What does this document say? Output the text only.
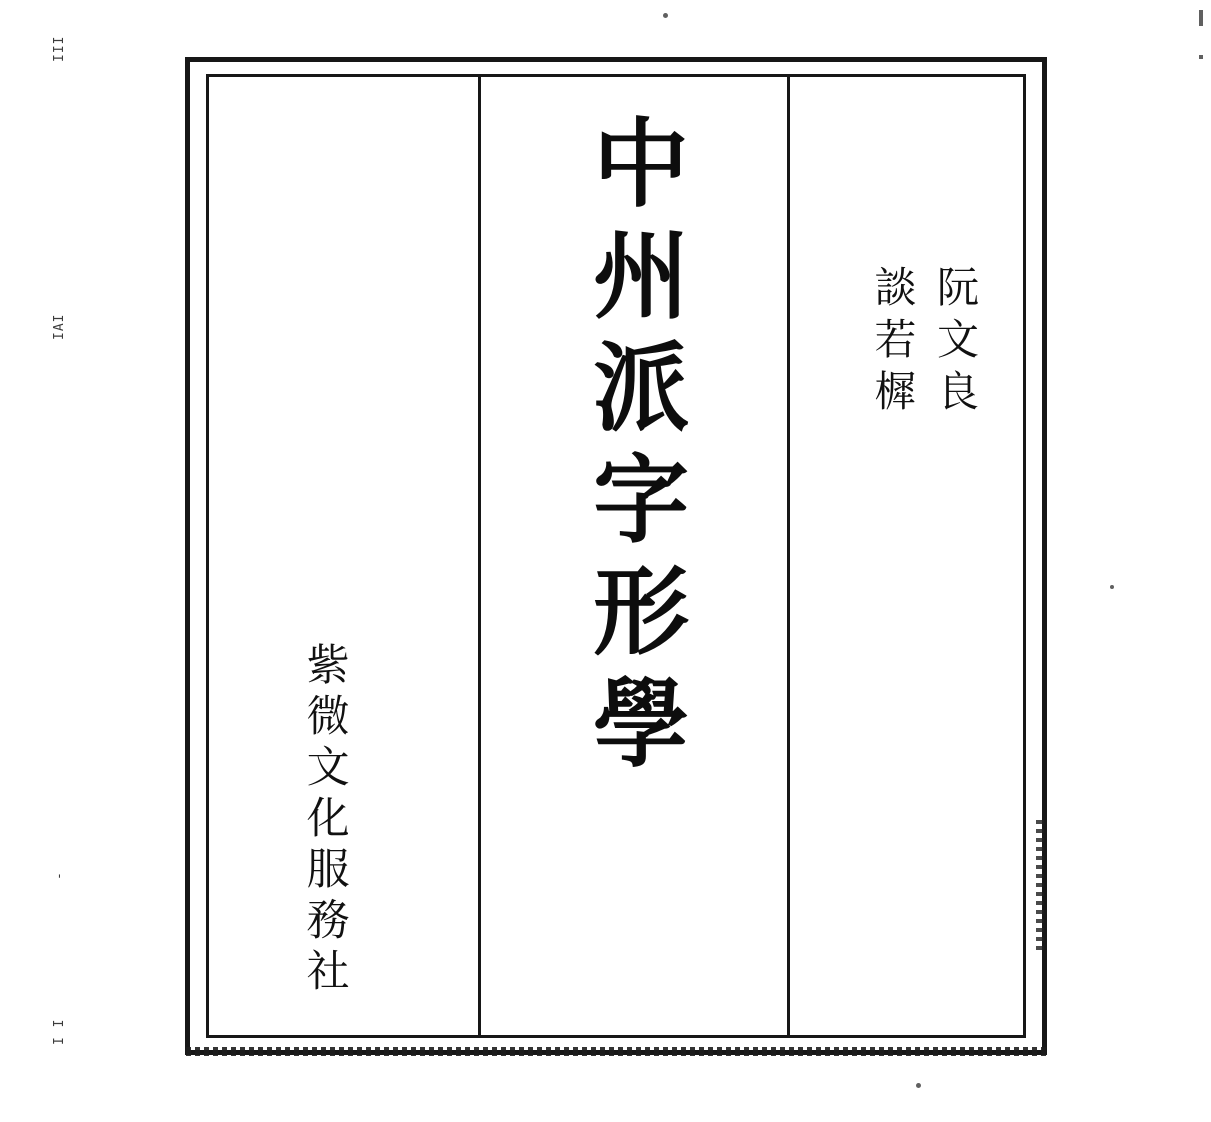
III
IAI
-
I I
談若樨 阮文良
中州派字形學
紫微文化服務社
